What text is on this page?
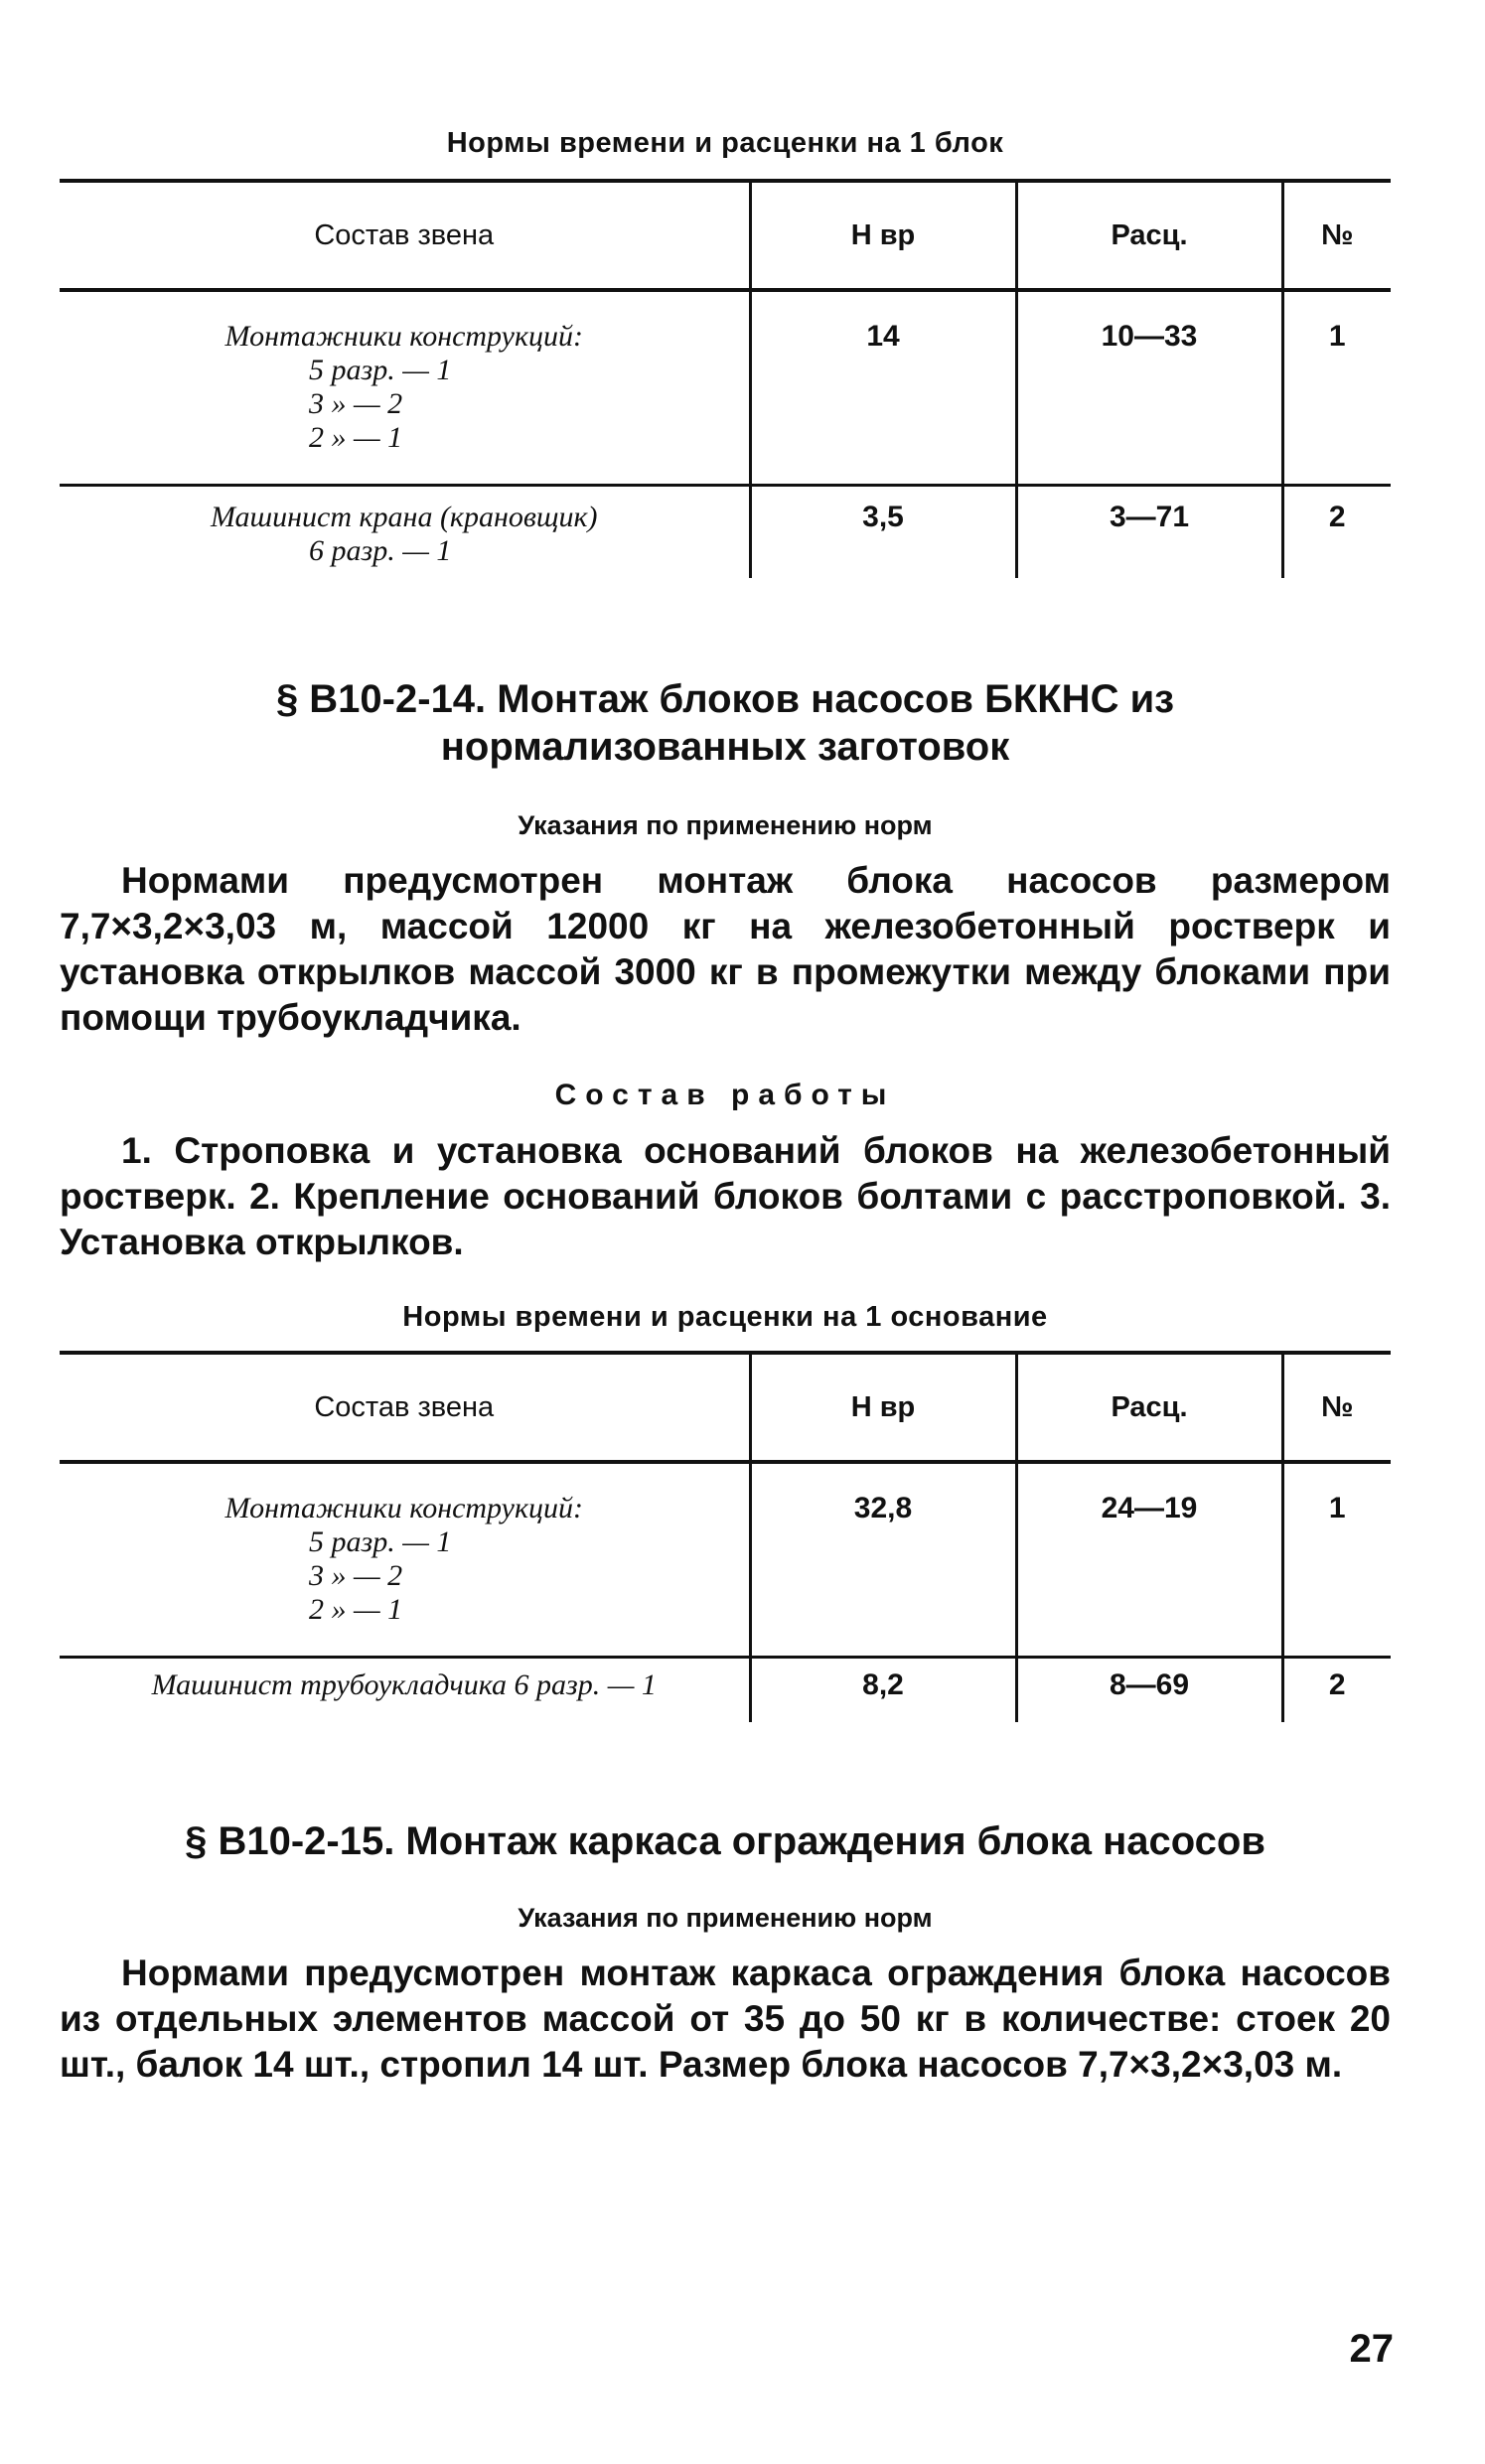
Нормы времени и расценки на 1 блок
Состав звена	Н вр	Расц.	№

Монтажники конструкций:
5 разр. — 1
3 » — 2
2 » — 1	14	10—33	1

Машинист крана (крановщик)
6 разр. — 1	3,5	3—71	2
§ В10-2-14. Монтаж блоков насосов БККНС из
нормализованных заготовок
Указания по применению норм
Нормами предусмотрен монтаж блока насосов размером 7,7×3,2×3,03 м, массой 12000 кг на железобетонный ростверк и установка открылков массой 3000 кг в промежутки между блоками при помощи трубоукладчика.
Состав работы
1. Строповка и установка оснований блоков на железобетонный ростверк. 2. Крепление оснований блоков болтами с расстроповкой. 3. Установка открылков.
Нормы времени и расценки на 1 основание
Состав звена	Н вр	Расц.	№

Монтажники конструкций:
5 разр. — 1
3 » — 2
2 » — 1	32,8	24—19	1

Машинист трубоукладчика 6 разр. — 1	8,2	8—69	2
§ В10-2-15. Монтаж каркаса ограждения блока насосов
Указания по применению норм
Нормами предусмотрен монтаж каркаса ограждения блока насосов из отдельных элементов массой от 35 до 50 кг в количестве: стоек 20 шт., балок 14 шт., стропил 14 шт. Размер блока насосов 7,7×3,2×3,03 м.
27
